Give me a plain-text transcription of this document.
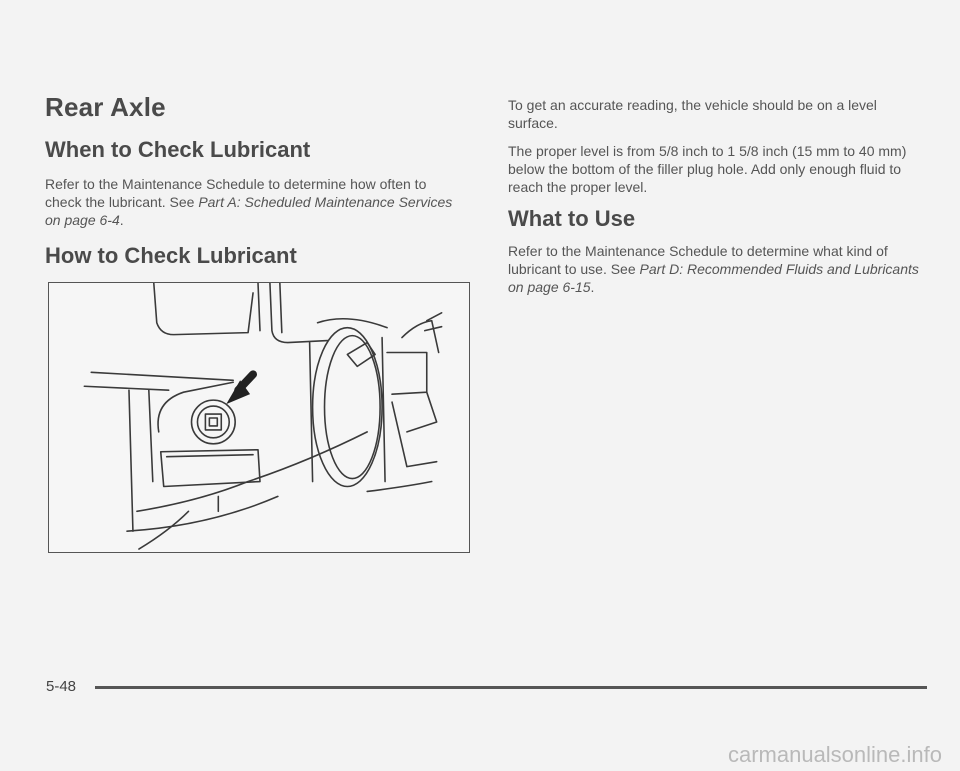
Rear Axle
When to Check Lubricant

Refer to the Maintenance Schedule to determine how often to check the lubricant. See Part A: Scheduled Maintenance Services on page 6-4.

How to Check Lubricant

To get an accurate reading, the vehicle should be on a level surface.

The proper level is from 5/8 inch to 1 5/8 inch (15 mm to 40 mm) below the bottom of the filler plug hole. Add only enough fluid to reach the proper level.

What to Use

Refer to the Maintenance Schedule to determine what kind of lubricant to use. See Part D: Recommended Fluids and Lubricants on page 6-15.

5-48
carmanualsonline.info
